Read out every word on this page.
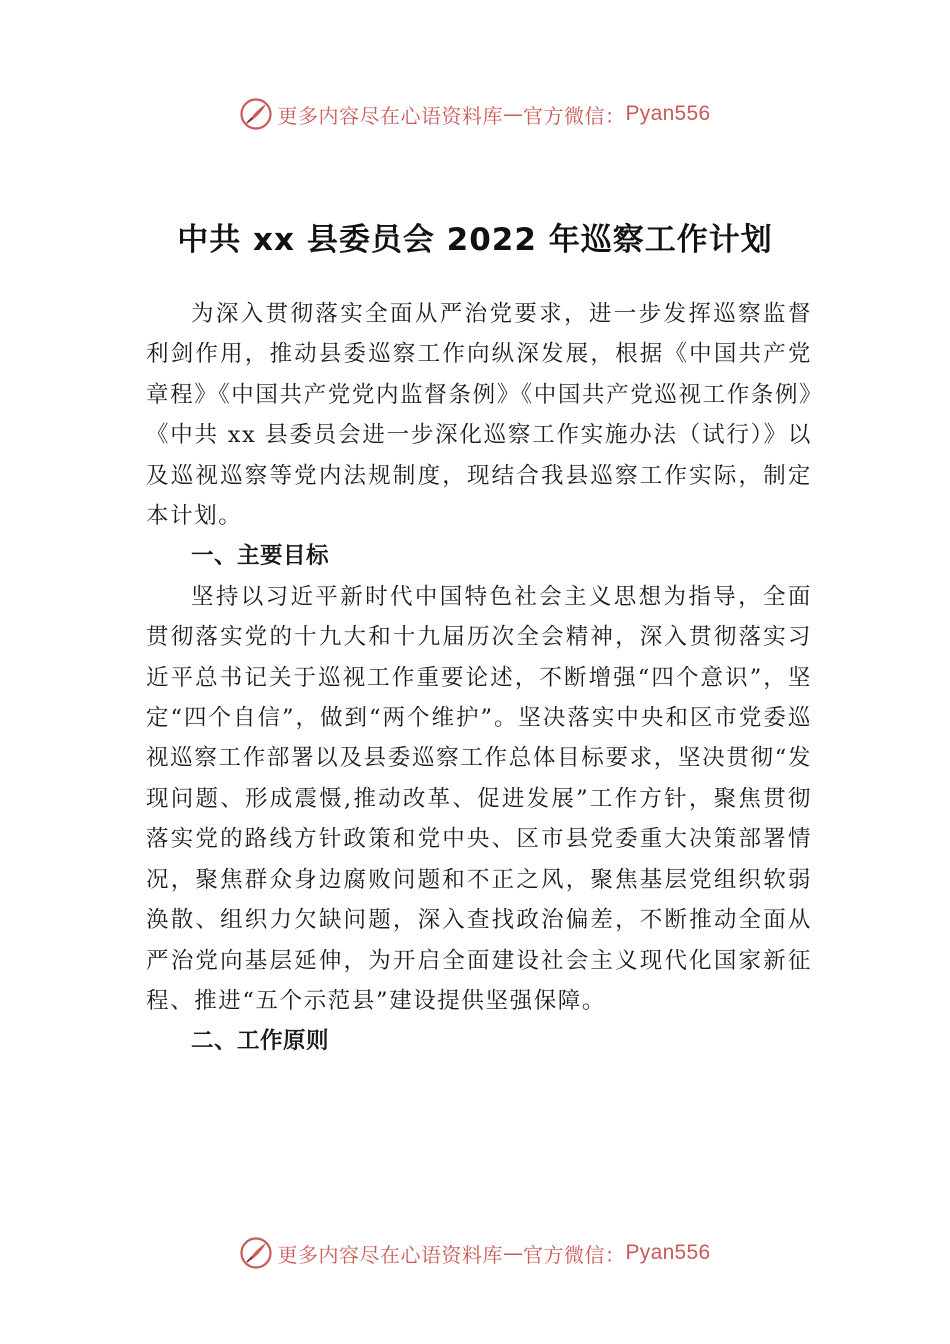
更多内容尽在心语资料库 — 官方微信： Pyan556
中共 xx 县委员会 2022 年巡察工作计划

为深入贯彻落实全面从严治党要求，进一步发挥巡察监督利剑作用，推动县委巡察工作向纵深发展，根据《中国共产党章程》《中国共产党党内监督条例》《中国共产党巡视工作条例》《中共 xx 县委员会进一步深化巡察工作实施办法（试行）》以及巡视巡察等党内法规制度，现结合我县巡察工作实际，制定本计划。

一、主要目标

坚持以习近平新时代中国特色社会主义思想为指导，全面贯彻落实党的十九大和十九届历次全会精神，深入贯彻落实习近平总书记关于巡视工作重要论述，不断增强“四个意识”，坚定“四个自信”，做到“两个维护”。坚决落实中央和区市党委巡视巡察工作部署以及县委巡察工作总体目标要求，坚决贯彻“发现问题、形成震慑,推动改革、促进发展”工作方针，聚焦贯彻落实党的路线方针政策和党中央、区市县党委重大决策部署情况，聚焦群众身边腐败问题和不正之风，聚焦基层党组织软弱涣散、组织力欠缺问题，深入查找政治偏差，不断推动全面从严治党向基层延伸，为开启全面建设社会主义现代化国家新征程、推进“五个示范县”建设提供坚强保障。

二、工作原则

更多内容尽在心语资料库 — 官方微信： Pyan556
